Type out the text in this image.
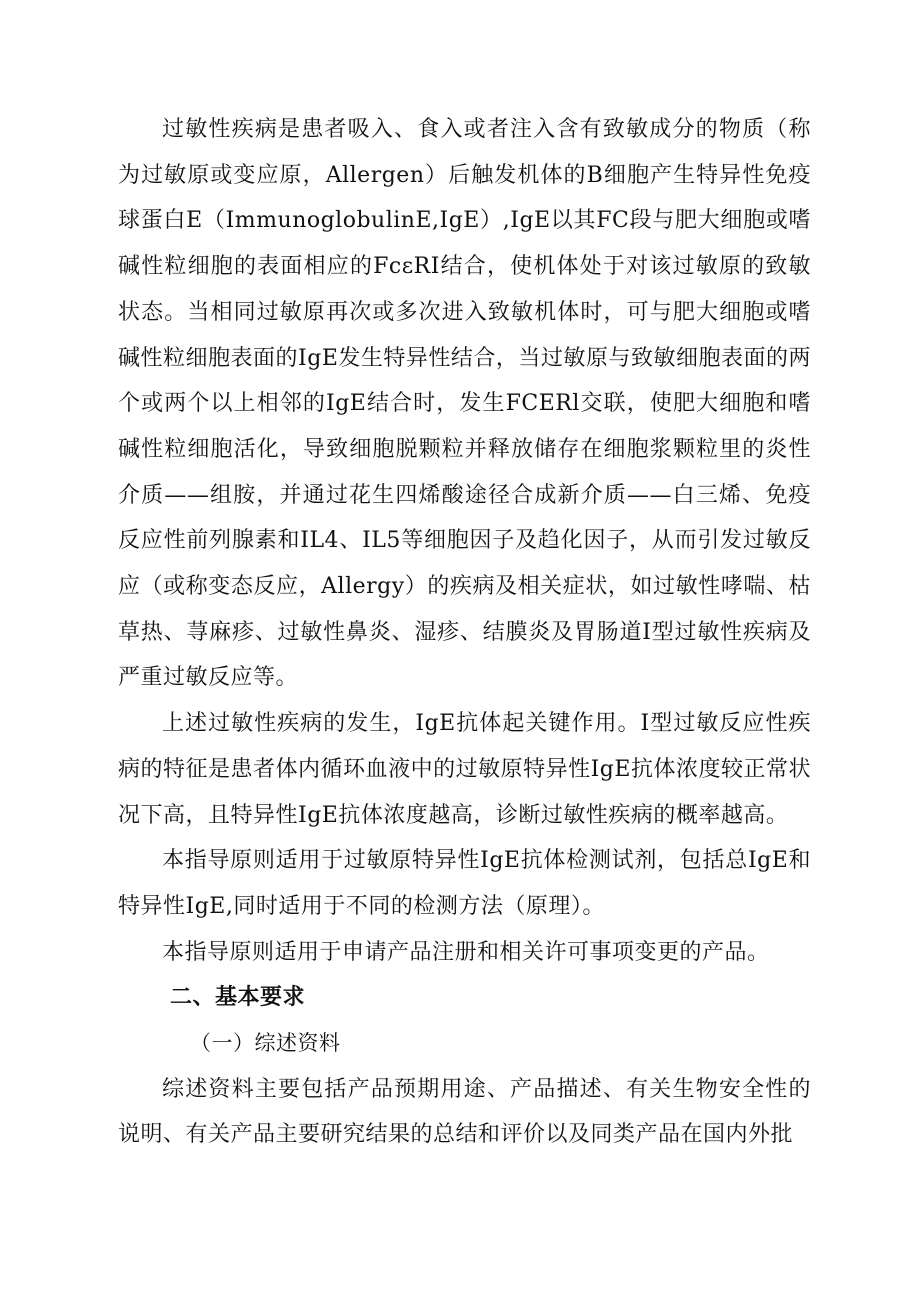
过敏性疾病是患者吸入、食入或者注入含有致敏成分的物质（称为过敏原或变应原，Allergen）后触发机体的B细胞产生特异性免疫球蛋白E（ImmunoglobulinE,IgE）,IgE以其FC段与肥大细胞或嗜碱性粒细胞的表面相应的FcεRI结合，使机体处于对该过敏原的致敏状态。当相同过敏原再次或多次进入致敏机体时，可与肥大细胞或嗜碱性粒细胞表面的IgE发生特异性结合，当过敏原与致敏细胞表面的两个或两个以上相邻的IgE结合时，发生FCERl交联，使肥大细胞和嗜碱性粒细胞活化，导致细胞脱颗粒并释放储存在细胞浆颗粒里的炎性介质——组胺，并通过花生四烯酸途径合成新介质——白三烯、免疫反应性前列腺素和IL4、IL5等细胞因子及趋化因子，从而引发过敏反应（或称变态反应，Allergy）的疾病及相关症状，如过敏性哮喘、枯草热、荨麻疹、过敏性鼻炎、湿疹、结膜炎及胃肠道I型过敏性疾病及严重过敏反应等。

上述过敏性疾病的发生，IgE抗体起关键作用。I型过敏反应性疾病的特征是患者体内循环血液中的过敏原特异性IgE抗体浓度较正常状况下高，且特异性IgE抗体浓度越高，诊断过敏性疾病的概率越高。

本指导原则适用于过敏原特异性IgE抗体检测试剂，包括总IgE和特异性IgE,同时适用于不同的检测方法（原理）。

本指导原则适用于申请产品注册和相关许可事项变更的产品。

二、基本要求

（一）综述资料

综述资料主要包括产品预期用途、产品描述、有关生物安全性的说明、有关产品主要研究结果的总结和评价以及同类产品在国内外批
